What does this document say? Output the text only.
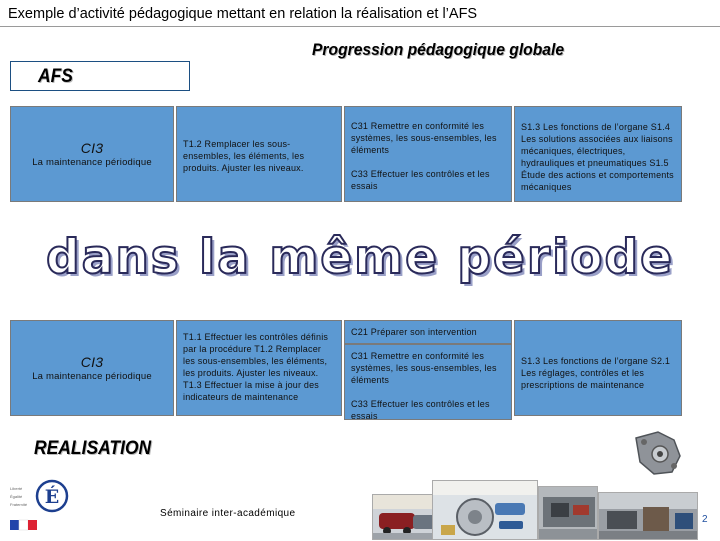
Exemple d’activité pédagogique mettant en relation la réalisation et l’AFS
Progression pédagogique globale
AFS
CI3
La maintenance périodique
T1.2 Remplacer les sous-ensembles, les éléments, les produits. Ajuster les niveaux.
C31 Remettre en conformité les systèmes, les sous-ensembles, les éléments
C33 Effectuer les contrôles et les essais
S1.3 Les fonctions de l’organe S1.4 Les solutions associées aux liaisons mécaniques, électriques, hydrauliques et pneumatiques S1.5 Étude des actions et comportements mécaniques
dans la même période
CI3
La maintenance périodique
T1.1 Effectuer les contrôles définis par la procédure T1.2 Remplacer les sous-ensembles, les éléments, les produits. Ajuster les niveaux. T1.3 Effectuer la mise à jour des indicateurs de maintenance
C21 Préparer son intervention
C31 Remettre en conformité les systèmes, les sous-ensembles, les éléments
C33 Effectuer les contrôles et les essais
S1.3 Les fonctions de l’organe S2.1 Les réglages, contrôles et les prescriptions de maintenance
REALISATION
É
Liberté
Égalité
Fraternité
Séminaire inter-académique
2
